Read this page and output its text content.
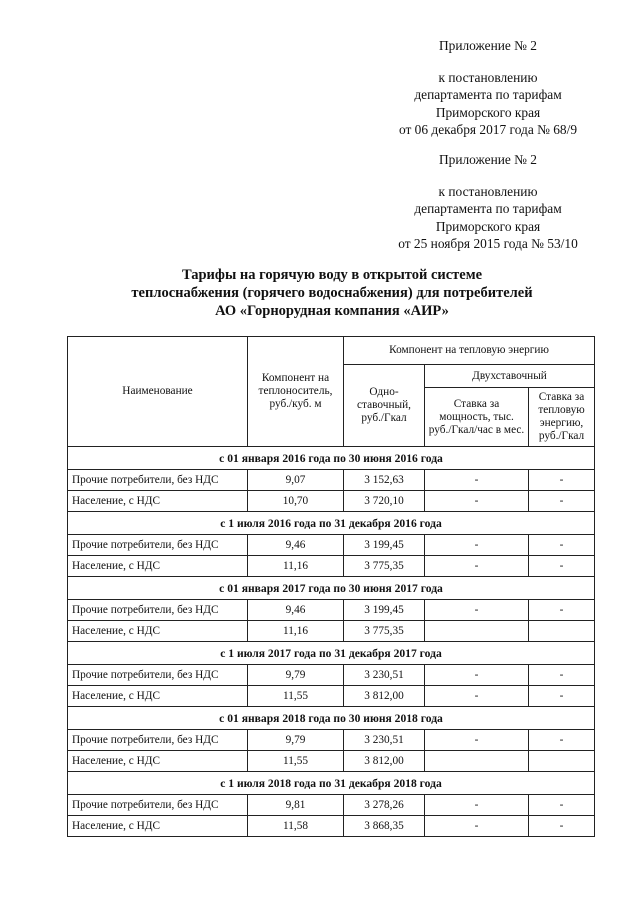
Приложение № 2
к постановлению
департамента по тарифам
Приморского края
от 06 декабря 2017 года № 68/9
Приложение № 2
к постановлению
департамента по тарифам
Приморского края
от 25 ноября 2015 года № 53/10
Тарифы на горячую воду в открытой системе
теплоснабжения (горячего водоснабжения) для потребителей
АО «Горнорудная компания «АИР»
Наименование	Компонент на теплоноситель, руб./куб. м	Компонент на тепловую энергию		
		Одно-ставочный, руб./Гкал	Двухставочный	
			Ставка за мощность, тыс. руб./Гкал/час в мес.	Ставка за тепловую энергию, руб./Гкал
с 01 января 2016 года по 30 июня 2016 года				
Прочие потребители, без НДС	9,07	3 152,63	-	-
Население, с НДС	10,70	3 720,10	-	-
с 1 июля 2016 года по 31 декабря 2016 года				
Прочие потребители, без НДС	9,46	3 199,45	-	-
Население, с НДС	11,16	3 775,35	-	-
с 01 января 2017 года по 30 июня 2017 года				
Прочие потребители, без НДС	9,46	3 199,45	-	-
Население, с НДС	11,16	3 775,35		
с 1 июля 2017 года по 31 декабря 2017 года				
Прочие потребители, без НДС	9,79	3 230,51	-	-
Население, с НДС	11,55	3 812,00	-	-
с 01 января 2018 года по 30 июня 2018 года				
Прочие потребители, без НДС	9,79	3 230,51	-	-
Население, с НДС	11,55	3 812,00		
с 1 июля 2018 года по 31 декабря 2018 года				
Прочие потребители, без НДС	9,81	3 278,26	-	-
Население, с НДС	11,58	3 868,35	-	-
